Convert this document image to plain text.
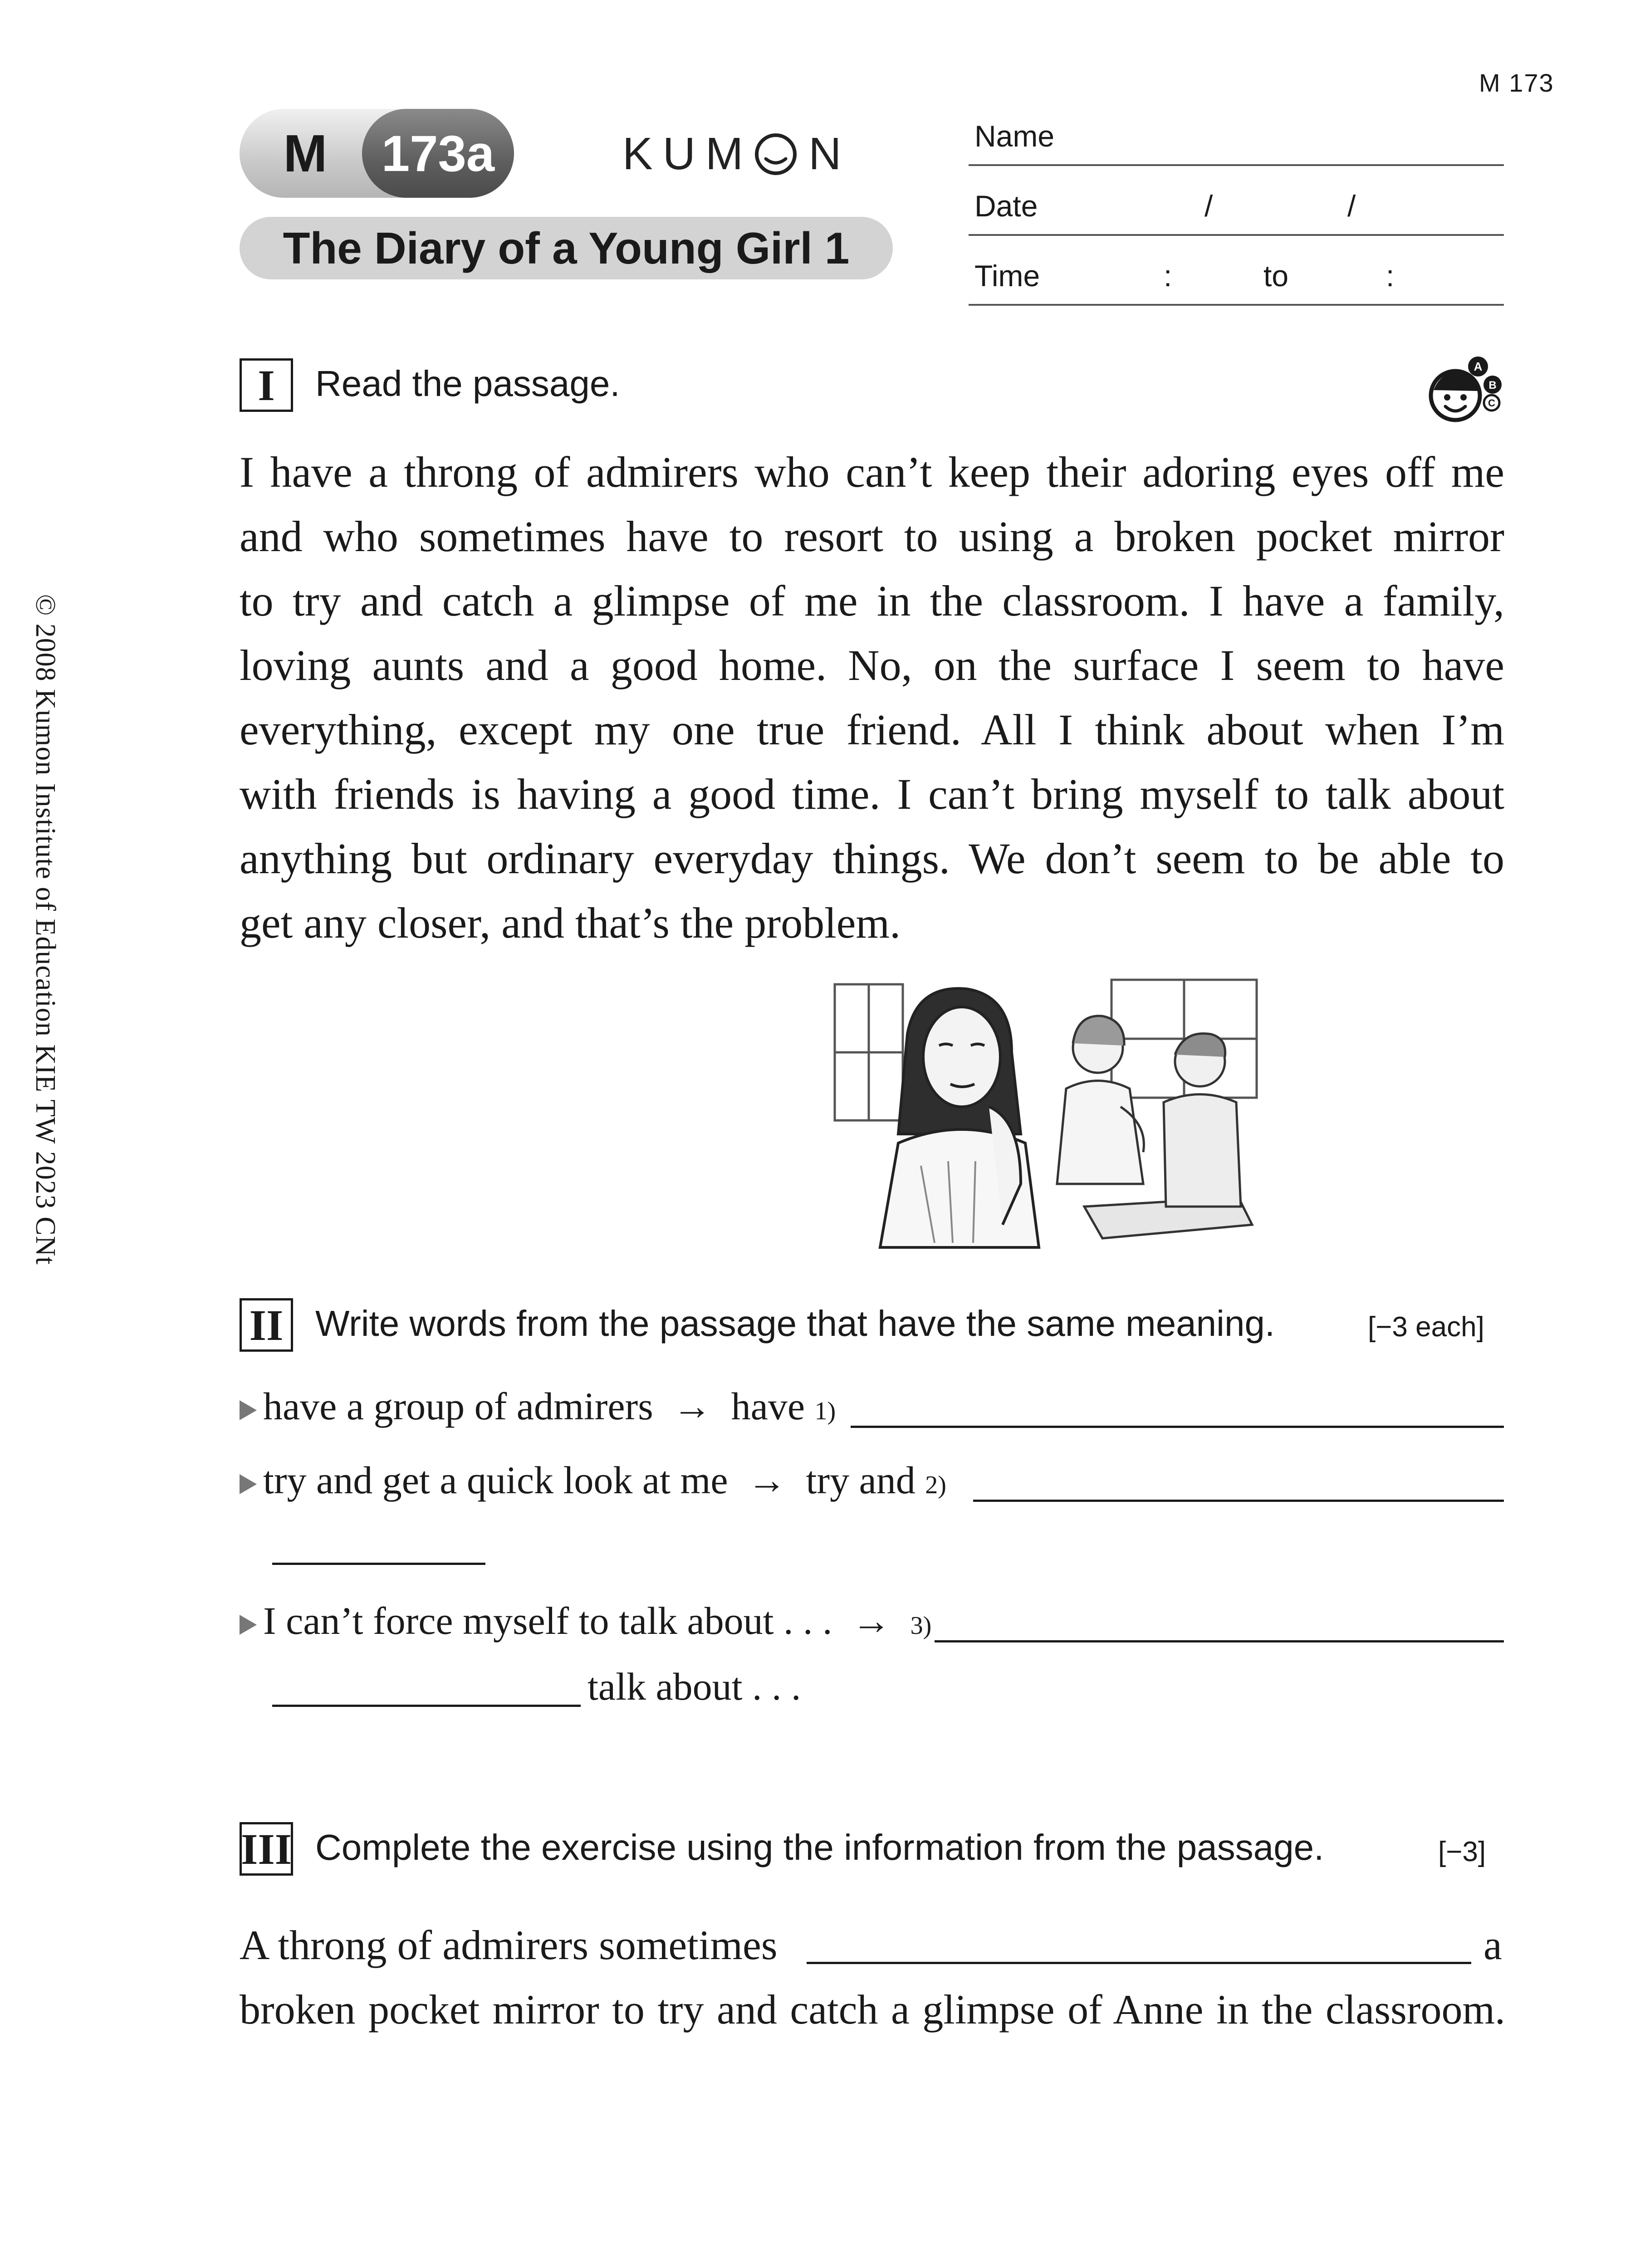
M 173
M 173a	KUM N
The Diary of a Young Girl 1
Name
Date	/	/
Time	:	to	:
© 2008 Kumon Institute of Education KIE TW 2023 CNt
I Read the passage.	A
B
C
I have a throng of admirers who can’t keep their adoring eyes off me
and who sometimes have to resort to using a broken pocket mirror
to try and catch a glimpse of me in the classroom. I have a family,
loving aunts and a good home. No, on the surface I seem to have
everything, except my one true friend. All I think about when I’m
with friends is having a good time. I can’t bring myself to talk about
anything but ordinary everyday things. We don’t seem to be able to
get any closer, and that’s the problem.
II Write words from the passage that have the same meaning.	[−3 each]
have a group of admirers → have 1)
try and get a quick look at me → try and 2)
I can’t force myself to talk about . . . → 3)
talk about . . .
III Complete the exercise using the information from the passage.	[−3]
A throng of admirers sometimes	a
broken pocket mirror to try and catch a glimpse of Anne in the classroom.
